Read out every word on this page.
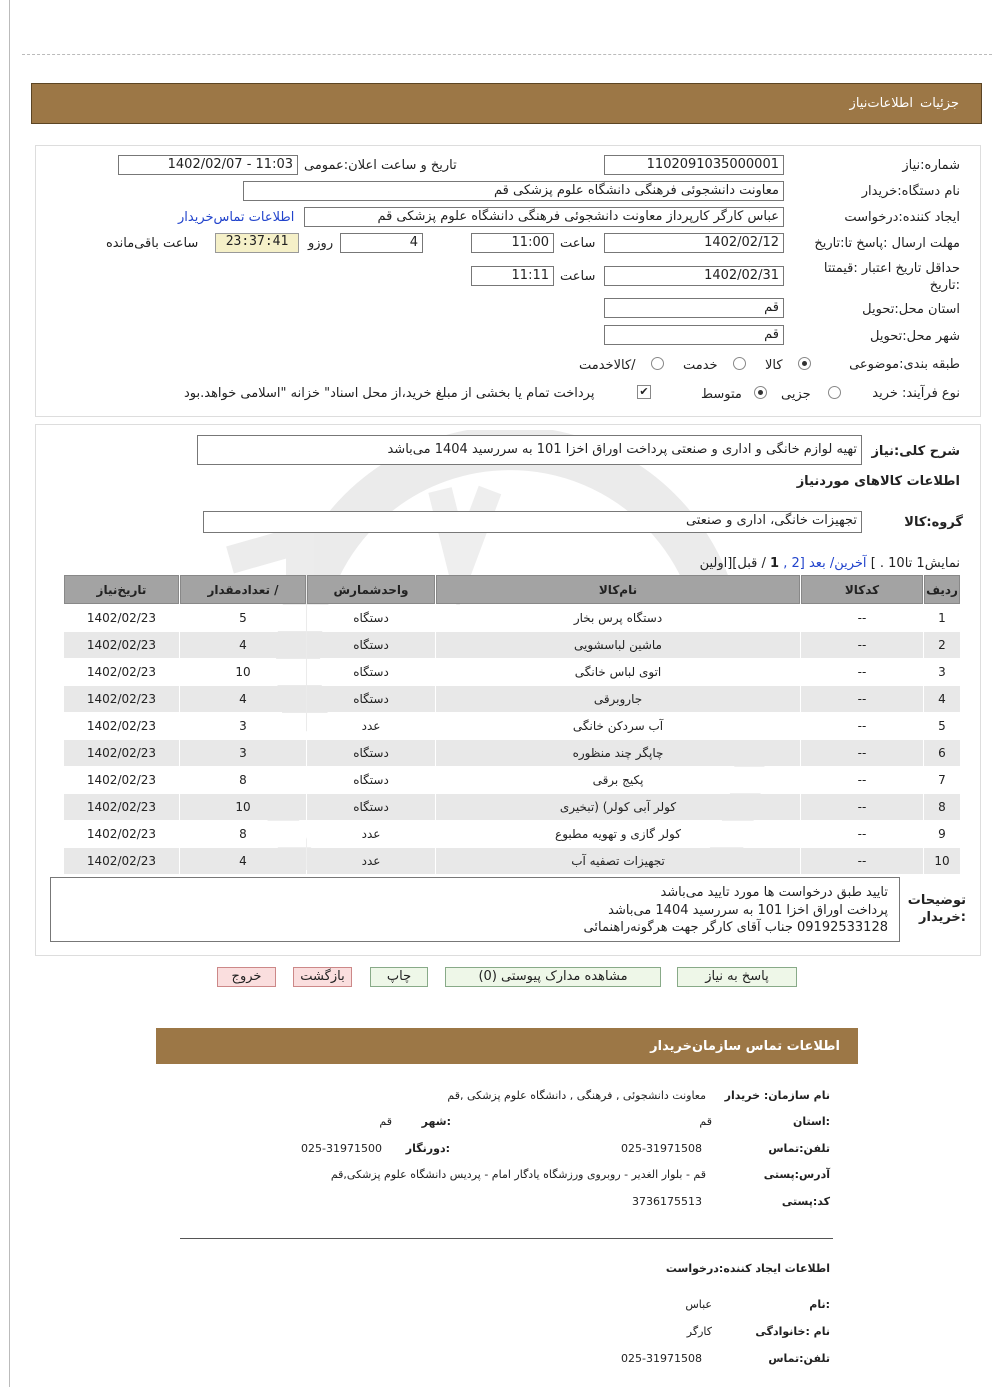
جزئیات
اطلاعات‌نیاز
شماره:نیاز
1102091035000001
تاریخ و ساعت اعلان:عمومی
1402/02/07 - 11:03
نام دستگاه:خریدار
معاونت دانشجوئی فرهنگی دانشگاه علوم پزشکی قم
ایجاد کننده:درخواست
عباس کارگر کارپرداز معاونت دانشجوئی فرهنگی دانشگاه علوم پزشکی قم
اطلاعات تماس‌خریدار
مهلت ارسال :پاسخ تا:تاریخ
1402/02/12
ساعت
11:00
4
روزو
23:37:41
ساعت باقی‌مانده
حداقل تاریخ اعتبار :قیمتتا
:تاریخ
1402/02/31
ساعت
11:11
استان محل:تحویل
قم
شهر محل:تحویل
قم
طبقه بندی:موضوعی
کالا
خدمت
/کالاخدمت
نوع فرآیند: خرید
جزیی
متوسط
✔
پرداخت تمام یا بخشی از مبلغ خرید،از محل اسناد" خزانه "اسلامی خواهد.بود
شرح کلی:نیاز
تهیه لوازم خانگی و اداری و صنعتی پرداخت اوراق اخزا 101 به سررسید 1404 می‌باشد
اطلاعات کالاهای موردنیاز
گروه:کالا
تجهیزات خانگی، اداری و صنعتی
نمایش1 تا10 . ] آخرین/ بعد [2 , 1 / قبل][اولین
ردیف	کدکالا	نام‌کالا	واحدشمارش	/ تعدادمقدار	تاریخ‌نیاز
1	--	دستگاه پرس بخار	دستگاه	5	1402/02/23
2	--	ماشین لباسشویی	دستگاه	4	1402/02/23
3	--	اتوی لباس خانگی	دستگاه	10	1402/02/23
4	--	جاروبرقی	دستگاه	4	1402/02/23
5	--	آب سردکن خانگی	عدد	3	1402/02/23
6	--	چاپگر چند منظوره	دستگاه	3	1402/02/23
7	--	پکیج برقی	دستگاه	8	1402/02/23
8	--	کولر آبی کولر) (تبخیری	دستگاه	10	1402/02/23
9	--	کولر گازی و تهویه مطبوع	عدد	8	1402/02/23
10	--	تجهیزات تصفیه آب	عدد	4	1402/02/23
توضیحات
:خریدار
تایید طبق درخواست ها مورد تایید می‌باشد
پرداخت اوراق اخزا 101 به سررسید 1404 می‌باشد
09192533128 جناب آقای کارگر جهت هرگونه‌راهنمائی
پاسخ به نیاز
مشاهده مدارک پیوستی (0)
چاپ
بازگشت
خروج
اطلاعات تماس سازمان‌خریدار
نام سازمان: خریدار
معاونت دانشجوئی , فرهنگی , دانشگاه علوم پزشکی ,قم
:استان
قم
:شهر
قم
تلفن:تماس
025-31971508
:دورنگار
025-31971500
آدرس:پستی
قم - بلوار الغدیر - روبروی ورزشگاه یادگار امام - پردیس دانشگاه علوم پزشکی,قم
کد:پستی
3736175513
اطلاعات ایجاد کننده:درخواست
:نام
عباس
نام :خانوادگی
کارگر
تلفن:تماس
025-31971508
